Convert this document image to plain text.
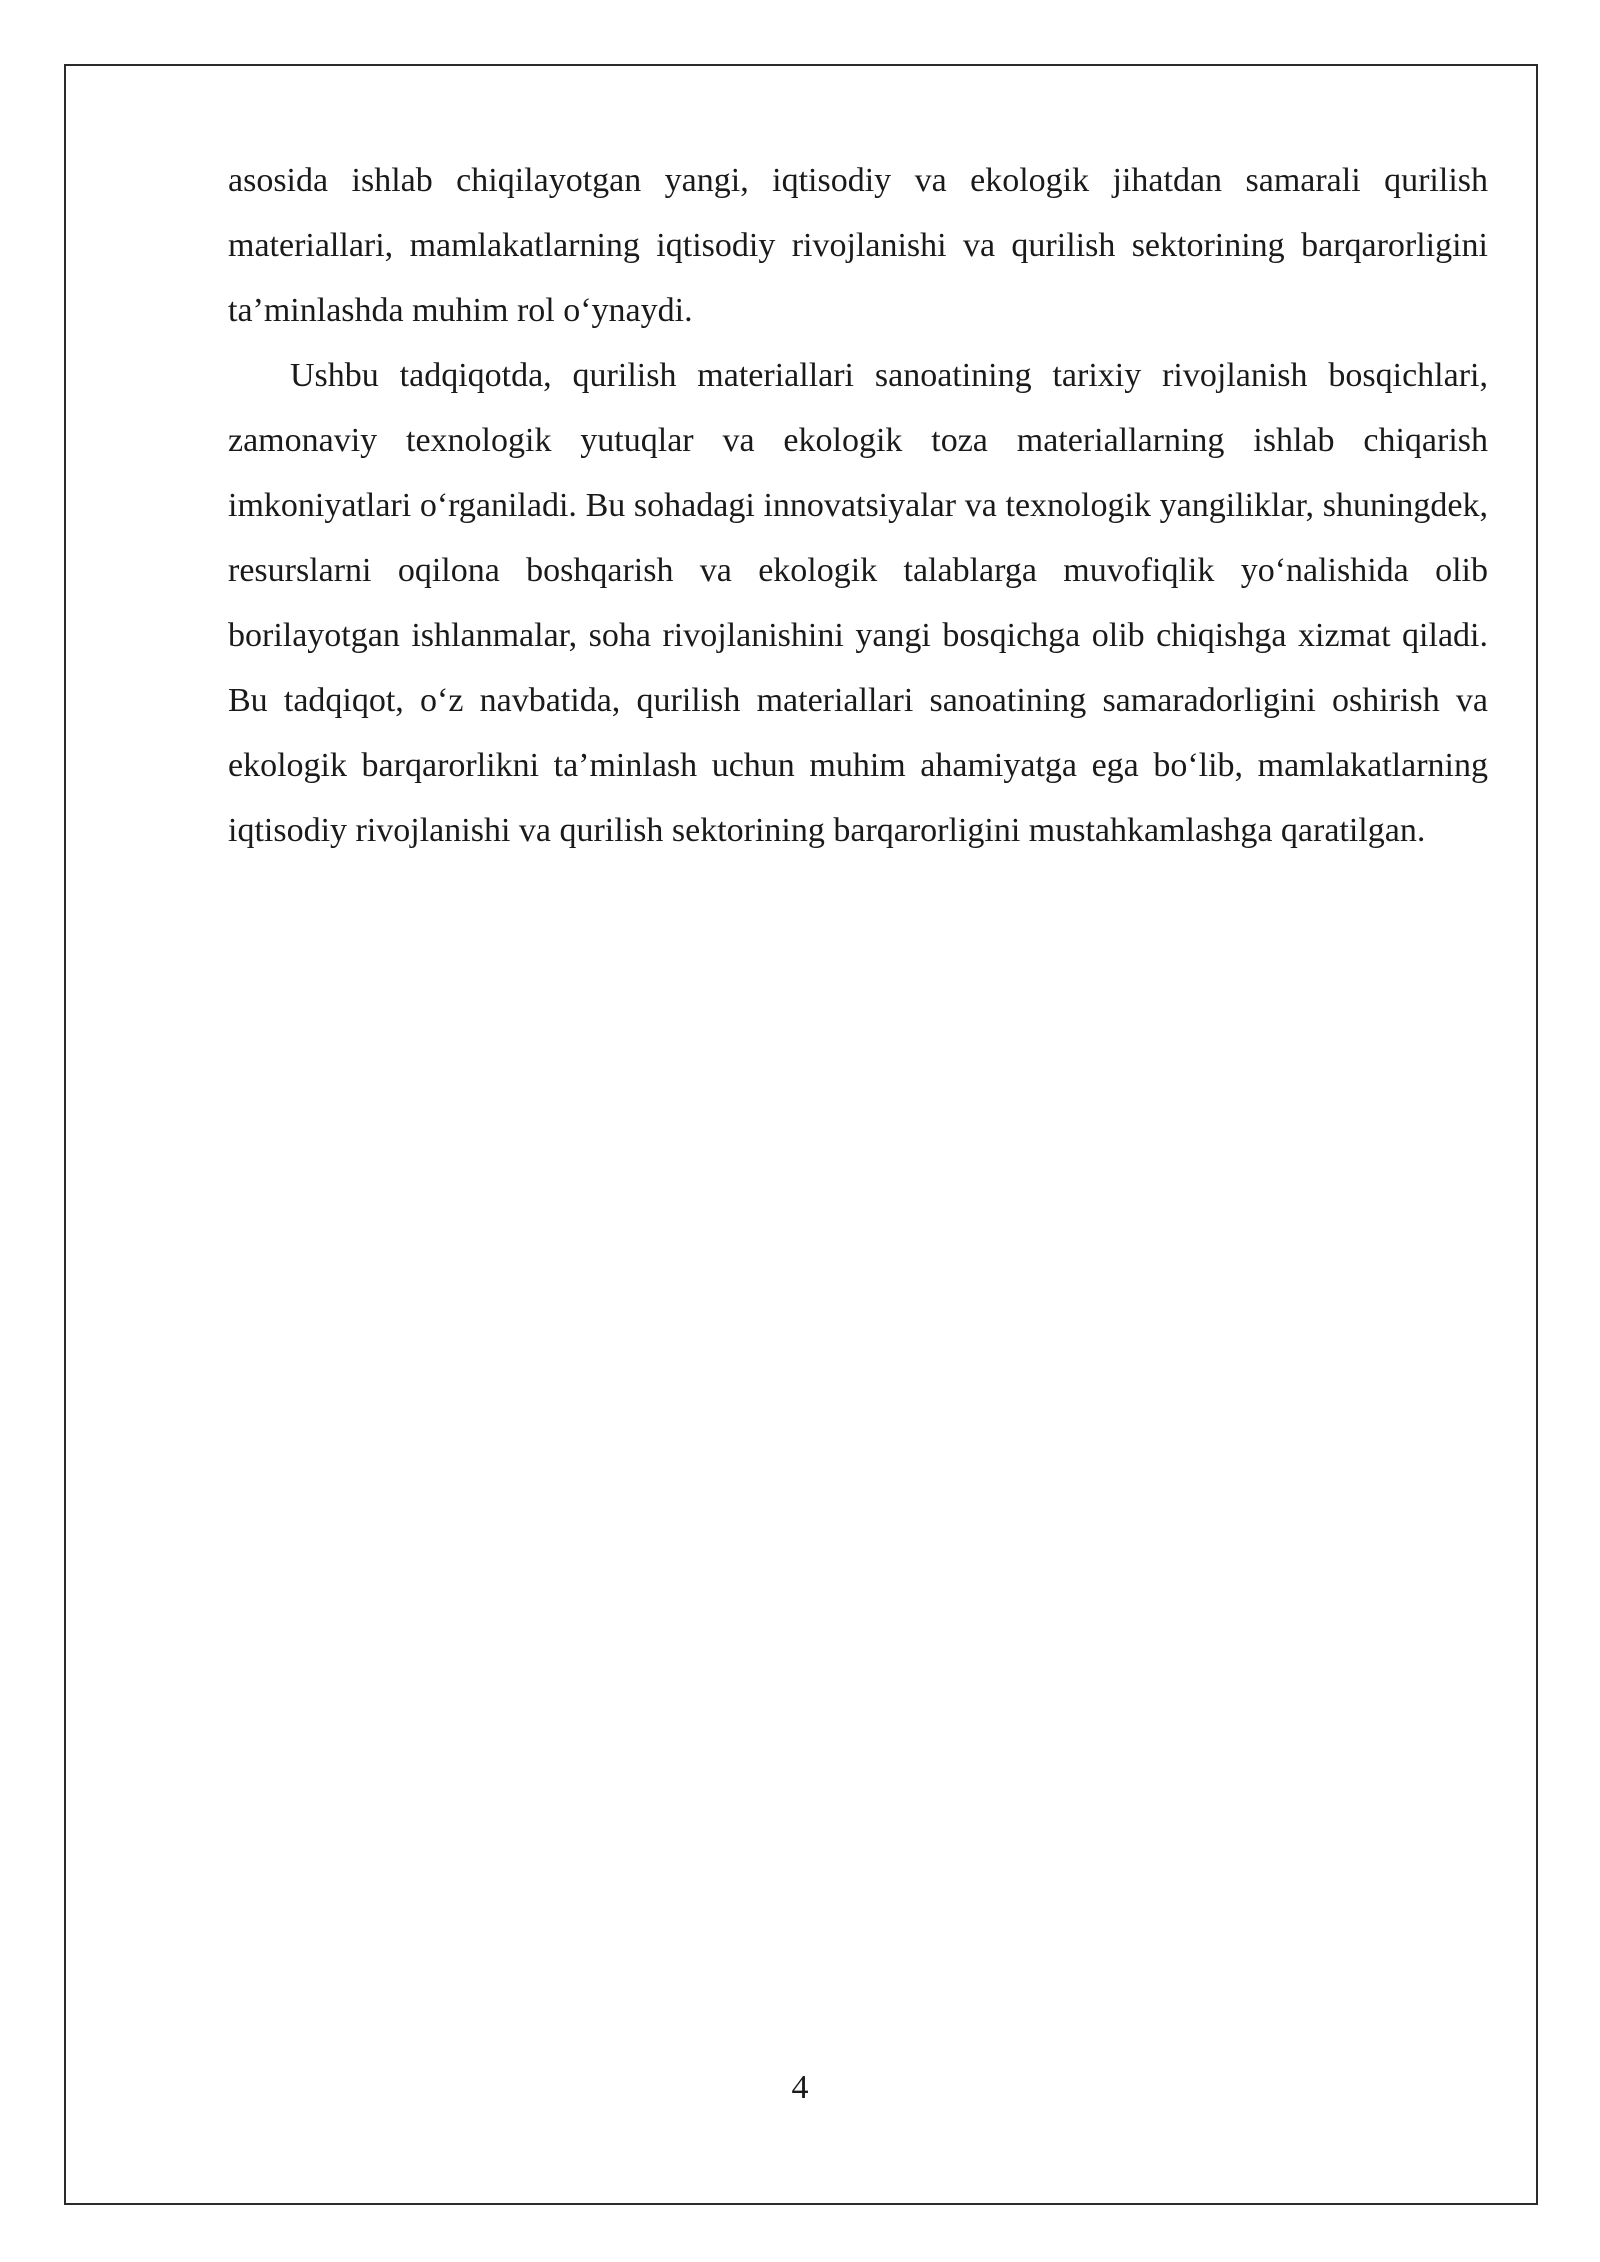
asosida ishlab chiqilayotgan yangi, iqtisodiy va ekologik jihatdan samarali qurilish materiallari, mamlakatlarning iqtisodiy rivojlanishi va qurilish sektorining barqarorligini ta’minlashda muhim rol o‘ynaydi.

Ushbu tadqiqotda, qurilish materiallari sanoatining tarixiy rivojlanish bosqichlari, zamonaviy texnologik yutuqlar va ekologik toza materiallarning ishlab chiqarish imkoniyatlari o‘rganiladi. Bu sohadagi innovatsiyalar va texnologik yangiliklar, shuningdek, resurslarni oqilona boshqarish va ekologik talablarga muvofiqlik yo‘nalishida olib borilayotgan ishlanmalar, soha rivojlanishini yangi bosqichga olib chiqishga xizmat qiladi. Bu tadqiqot, o‘z navbatida, qurilish materiallari sanoatining samaradorligini oshirish va ekologik barqarorlikni ta’minlash uchun muhim ahamiyatga ega bo‘lib, mamlakatlarning iqtisodiy rivojlanishi va qurilish sektorining barqarorligini mustahkamlashga qaratilgan.

4
